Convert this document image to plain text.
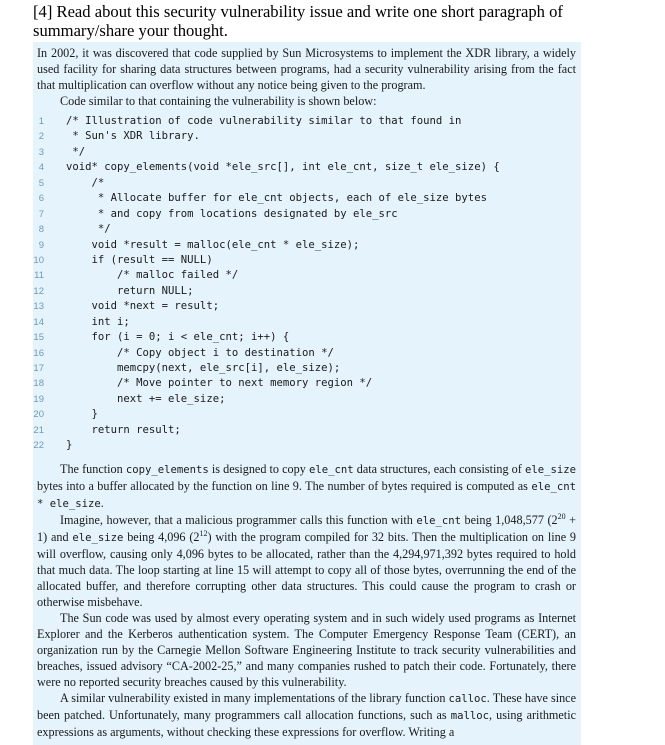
[4] Read about this security vulnerability issue and write one short paragraph of summary/share your thought.

In 2002, it was discovered that code supplied by Sun Microsystems to implement the XDR library, a widely used facility for sharing data structures between programs, had a security vulnerability arising from the fact that multiplication can overflow without any notice being given to the program.

Code similar to that containing the vulnerability is shown below:

1 /* Illustration of code vulnerability similar to that found in
2 * Sun's XDR library.
3 */
4 void* copy_elements(void *ele_src[], int ele_cnt, size_t ele_size) {
5 /*
6 * Allocate buffer for ele_cnt objects, each of ele_size bytes
7 * and copy from locations designated by ele_src
8 */
9 void *result = malloc(ele_cnt * ele_size);
10 if (result == NULL)
11 /* malloc failed */
12 return NULL;
13 void *next = result;
14 int i;
15 for (i = 0; i < ele_cnt; i++) {
16 /* Copy object i to destination */
17 memcpy(next, ele_src[i], ele_size);
18 /* Move pointer to next memory region */
19 next += ele_size;
20 }
21 return result;
22 }

The function copy_elements is designed to copy ele_cnt data structures, each consisting of ele_size bytes into a buffer allocated by the function on line 9. The number of bytes required is computed as ele_cnt * ele_size.

Imagine, however, that a malicious programmer calls this function with ele_cnt being 1,048,577 $(2^{20} + 1)$ and ele_size being 4,096 $(2^{12})$ with the program compiled for 32 bits. Then the multiplication on line 9 will overflow, causing only 4,096 bytes to be allocated, rather than the 4,294,971,392 bytes required to hold that much data. The loop starting at line 15 will attempt to copy all of those bytes, overrunning the end of the allocated buffer, and therefore corrupting other data structures. This could cause the program to crash or otherwise misbehave.

The Sun code was used by almost every operating system and in such widely used programs as Internet Explorer and the Kerberos authentication system. The Computer Emergency Response Team (CERT), an organization run by the Carnegie Mellon Software Engineering Institute to track security vulnerabilities and breaches, issued advisory “CA-2002-25,” and many companies rushed to patch their code. Fortunately, there were no reported security breaches caused by this vulnerability.

A similar vulnerability existed in many implementations of the library function calloc. These have since been patched. Unfortunately, many programmers call allocation functions, such as malloc, using arithmetic expressions as arguments, without checking these expressions for overflow. Writing a
